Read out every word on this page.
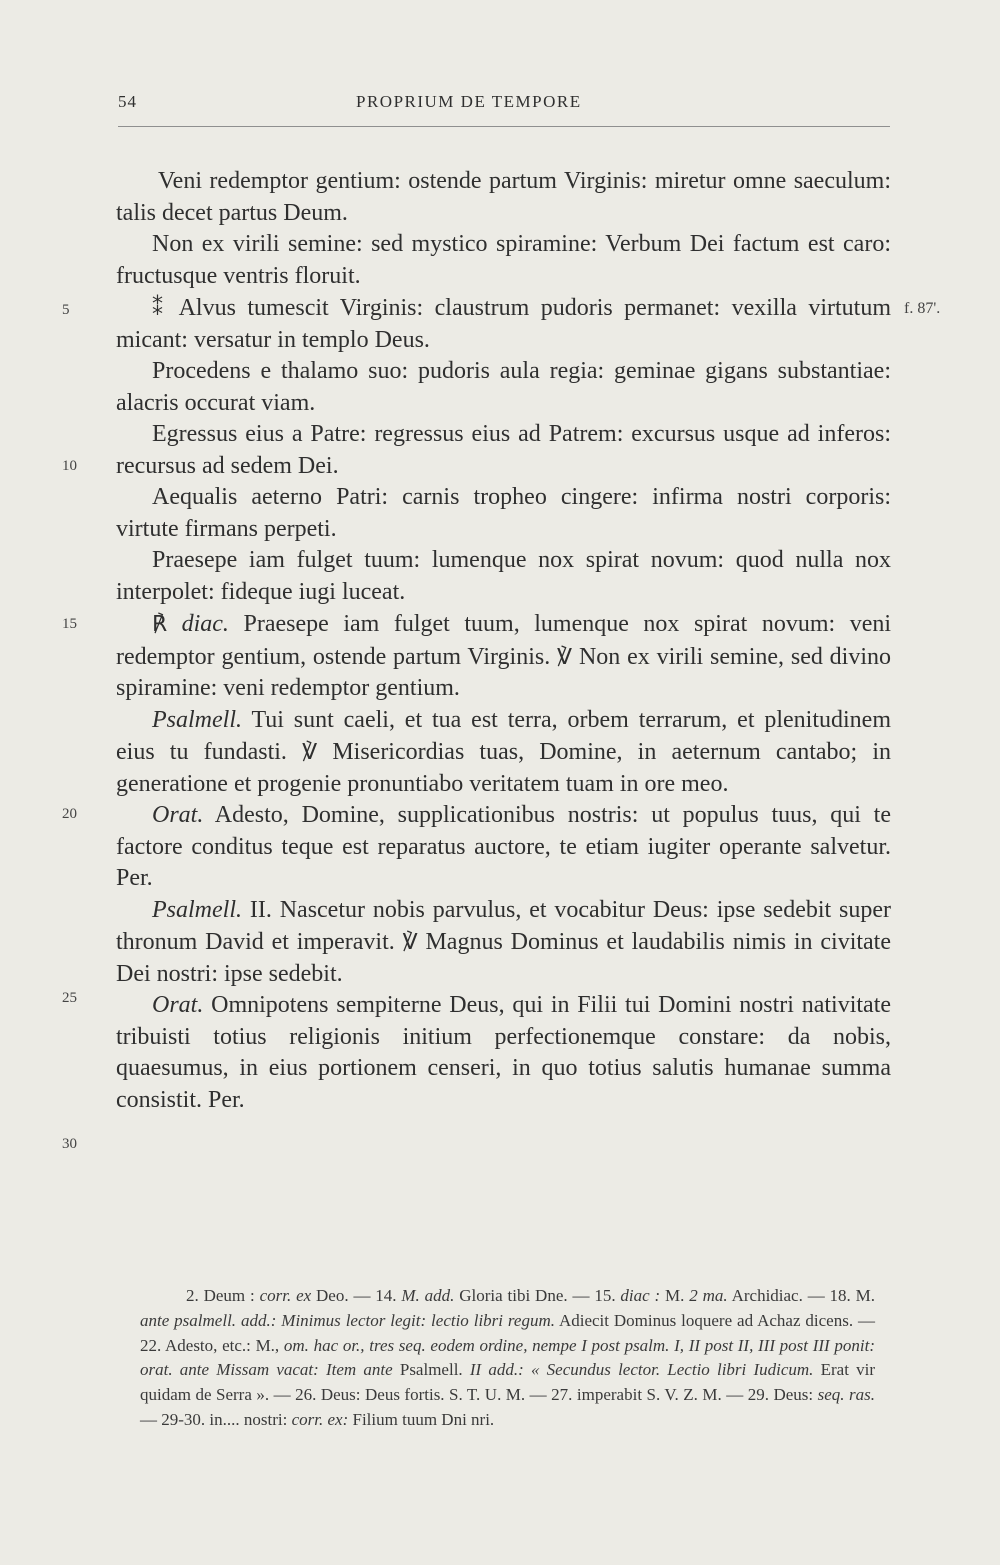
54	PROPRIUM DE TEMPORE
5
10
15
20
25
30
f. 87'.

Veni redemptor gentium: ostende partum Virginis: miretur omne saeculum: talis decet partus Deum.

Non ex virili semine: sed mystico spiramine: Verbum Dei factum est caro: fructusque ventris floruit.

⁑ Alvus tumescit Virginis: claustrum pudoris permanet: vexilla virtutum micant: versatur in templo Deus.

Procedens e thalamo suo: pudoris aula regia: geminae gigans substantiae: alacris occurat viam.

Egressus eius a Patre: regressus eius ad Patrem: excursus usque ad inferos: recursus ad sedem Dei.

Aequalis aeterno Patri: carnis tropheo cingere: infirma nostri corporis: virtute firmans perpeti.

Praesepe iam fulget tuum: lumenque nox spirat novum: quod nulla nox interpolet: fideque iugi luceat.

℟ diac. Praesepe iam fulget tuum, lumenque nox spirat novum: veni redemptor gentium, ostende partum Virginis. ℣ Non ex virili semine, sed divino spiramine: veni redemptor gentium.

Psalmell. Tui sunt caeli, et tua est terra, orbem terrarum, et plenitudinem eius tu fundasti. ℣ Misericordias tuas, Domine, in aeternum cantabo; in generatione et progenie pronuntiabo veritatem tuam in ore meo.

Orat. Adesto, Domine, supplicationibus nostris: ut populus tuus, qui te factore conditus teque est reparatus auctore, te etiam iugiter operante salvetur. Per.

Psalmell. II. Nascetur nobis parvulus, et vocabitur Deus: ipse sedebit super thronum David et imperavit. ℣ Magnus Dominus et laudabilis nimis in civitate Dei nostri: ipse sedebit.

Orat. Omnipotens sempiterne Deus, qui in Filii tui Domini nostri nativitate tribuisti totius religionis initium perfectionemque constare: da nobis, quaesumus, in eius portionem censeri, in quo totius salutis humanae summa consistit. Per.

2. Deum : corr. ex Deo. — 14. M. add. Gloria tibi Dne. — 15. diac : M. 2 ma. Archidiac. — 18. M. ante psalmell. add.: Minimus lector legit: lectio libri regum. Adiecit Dominus loquere ad Achaz dicens. — 22. Adesto, etc.: M., om. hac or., tres seq. eodem ordine, nempe I post psalm. I, II post II, III post III ponit: orat. ante Missam vacat: Item ante Psalmell. II add.: « Secundus lector. Lectio libri Iudicum. Erat vir quidam de Serra ». — 26. Deus: Deus fortis. S. T. U. M. — 27. imperabit S. V. Z. M. — 29. Deus: seq. ras. — 29-30. in.... nostri: corr. ex: Filium tuum Dni nri.
